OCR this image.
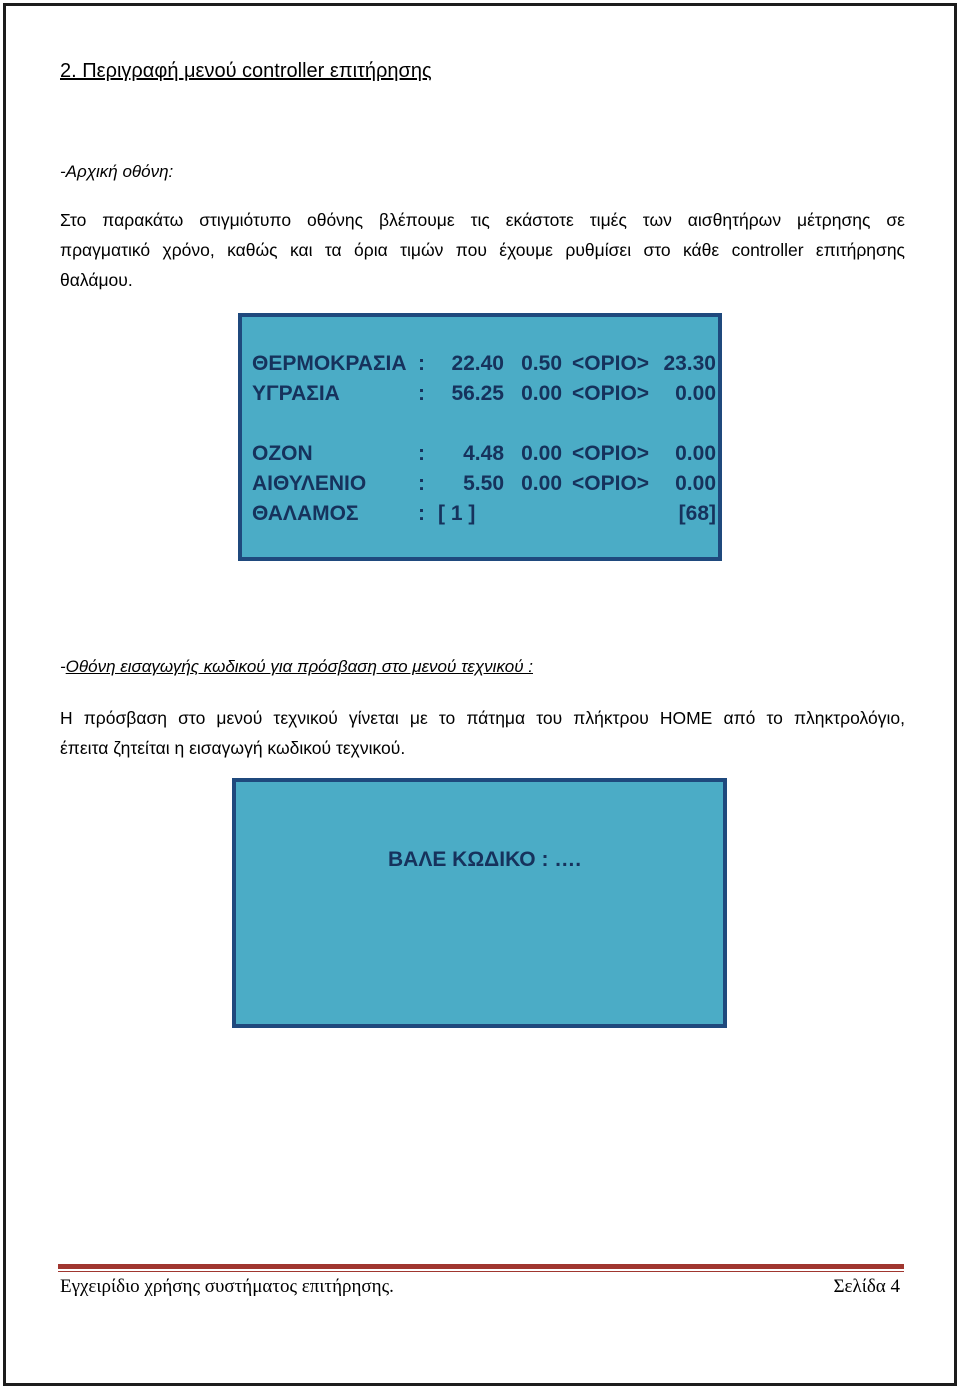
2. Περιγραφή μενού controller επιτήρησης
-Αρχική οθόνη:
Στο παρακάτω στιγμιότυπο οθόνης βλέπουμε τις εκάστοτε τιμές των αισθητήρων μέτρησης σε
πραγματικό χρόνο, καθώς και τα όρια τιμών που έχουμε ρυθμίσει στο κάθε controller επιτήρησης
θαλάμου.
ΘΕΡΜΟΚΡΑΣΙΑ :	22.40 0.50 <ΟΡΙΟ> 23.30
ΥΓΡΑΣΙΑ	:	56.25 0.00 <ΟΡΙΟ>	0.00
ΟΖΟΝ	:	4.48 0.00 <ΟΡΙΟ>	0.00
ΑΙΘΥΛΕΝΙΟ :	5.50 0.00 <ΟΡΙΟ>	0.00
ΘΑΛΑΜΟΣ	: [ 1 ]	[68]
-Οθόνη εισαγωγής κωδικού για πρόσβαση στο μενού τεχνικού :
Η πρόσβαση στο μενού τεχνικού γίνεται με το πάτημα του πλήκτρου HOME από το πληκτρολόγιο,
έπειτα ζητείται η εισαγωγή κωδικού τεχνικού.
ΒΑΛΕ ΚΩΔΙΚΟ : ….
Εγχειρίδιο χρήσης συστήματος επιτήρησης.	Σελίδα 4
